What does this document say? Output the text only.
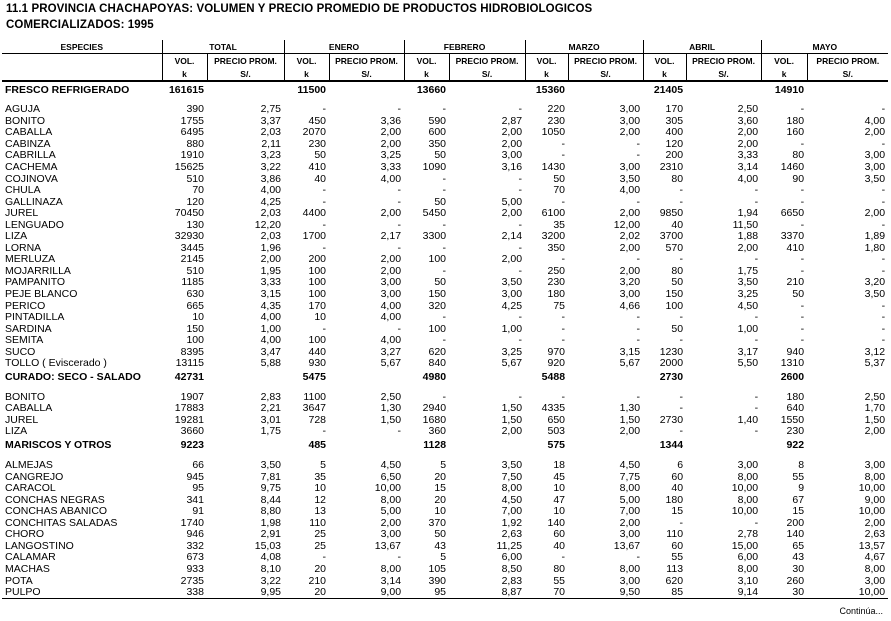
11.1 PROVINCIA CHACHAPOYAS: VOLUMEN Y PRECIO PROMEDIO DE PRODUCTOS HIDROBIOLOGICOS
COMERCIALIZADOS: 1995
ESPECIES	TOTAL		ENERO		FEBRERO		MARZO		ABRIL		MAYO	
	VOL.	PRECIO PROM.	VOL.	PRECIO PROM.	VOL.	PRECIO PROM.	VOL.	PRECIO PROM.	VOL.	PRECIO PROM.	VOL.	PRECIO PROM.
	k	S/.	k	S/.	k	S/.	k	S/.	k	S/.	k	S/.
FRESCO REFRIGERADO	161615		11500		13660		15360		21405		14910	

AGUJA	390	2,75	-	-	-	-	220	3,00	170	2,50	-	-
BONITO	1755	3,37	450	3,36	590	2,87	230	3,00	305	3,60	180	4,00
CABALLA	6495	2,03	2070	2,00	600	2,00	1050	2,00	400	2,00	160	2,00
CABINZA	880	2,11	230	2,00	350	2,00	-	-	120	2,00	-	-
CABRILLA	1910	3,23	50	3,25	50	3,00	-	-	200	3,33	80	3,00
CACHEMA	15625	3,22	410	3,33	1090	3,16	1430	3,00	2310	3,14	1460	3,00
COJINOVA	510	3,86	40	4,00	-	-	50	3,50	80	4,00	90	3,50
CHULA	70	4,00	-	-	-	-	70	4,00	-	-	-	-
GALLINAZA	120	4,25	-	-	50	5,00	-	-	-	-	-	-
JUREL	70450	2,03	4400	2,00	5450	2,00	6100	2,00	9850	1,94	6650	2,00
LENGUADO	130	12,20	-	-	-	-	35	12,00	40	11,50	-	-
LIZA	32930	2,03	1700	2,17	3300	2,14	3200	2,02	3700	1,88	3370	1,89
LORNA	3445	1,96	-	-	-	-	350	2,00	570	2,00	410	1,80
MERLUZA	2145	2,00	200	2,00	100	2,00	-	-	-	-	-	-
MOJARRILLA	510	1,95	100	2,00	-	-	250	2,00	80	1,75	-	-
PAMPANITO	1185	3,33	100	3,00	50	3,50	230	3,20	50	3,50	210	3,20
PEJE BLANCO	630	3,15	100	3,00	150	3,00	180	3,00	150	3,25	50	3,50
PERICO	665	4,35	170	4,00	320	4,25	75	4,66	100	4,50	-	-
PINTADILLA	10	4,00	10	4,00	-	-	-	-	-	-	-	-
SARDINA	150	1,00	-	-	100	1,00	-	-	50	1,00	-	-
SEMITA	100	4,00	100	4,00	-	-	-	-	-	-	-	-
SUCO	8395	3,47	440	3,27	620	3,25	970	3,15	1230	3,17	940	3,12
TOLLO ( Eviscerado )	13115	5,88	930	5,67	840	5,67	920	5,67	2000	5,50	1310	5,37
CURADO: SECO - SALADO	42731		5475		4980		5488		2730		2600	

BONITO	1907	2,83	1100	2,50	-	-	-	-	-	-	180	2,50
CABALLA	17883	2,21	3647	1,30	2940	1,50	4335	1,30	-	-	640	1,70
JUREL	19281	3,01	728	1,50	1680	1,50	650	1,50	2730	1,40	1550	1,50
LIZA	3660	1,75	-	-	360	2,00	503	2,00	-	-	230	2,00
MARISCOS Y OTROS	9223		485		1128		575		1344		922	

ALMEJAS	66	3,50	5	4,50	5	3,50	18	4,50	6	3,00	8	3,00
CANGREJO	945	7,81	35	6,50	20	7,50	45	7,75	60	8,00	55	8,00
CARACOL	95	9,75	10	10,00	15	8,00	10	8,00	40	10,00	9	10,00
CONCHAS NEGRAS	341	8,44	12	8,00	20	4,50	47	5,00	180	8,00	67	9,00
CONCHAS ABANICO	91	8,80	13	5,00	10	7,00	10	7,00	15	10,00	15	10,00
CONCHITAS SALADAS	1740	1,98	110	2,00	370	1,92	140	2,00	-	-	200	2,00
CHORO	946	2,91	25	3,00	50	2,63	60	3,00	110	2,78	140	2,63
LANGOSTINO	332	15,03	25	13,67	43	11,25	40	13,67	60	15,00	65	13,57
CALAMAR	673	4,08	-	-	5	6,00	-	-	55	6,00	43	4,67
MACHAS	933	8,10	20	8,00	105	8,50	80	8,00	113	8,00	30	8,00
POTA	2735	3,22	210	3,14	390	2,83	55	3,00	620	3,10	260	3,00
PULPO	338	9,95	20	9,00	95	8,87	70	9,50	85	9,14	30	10,00

Continúa...
